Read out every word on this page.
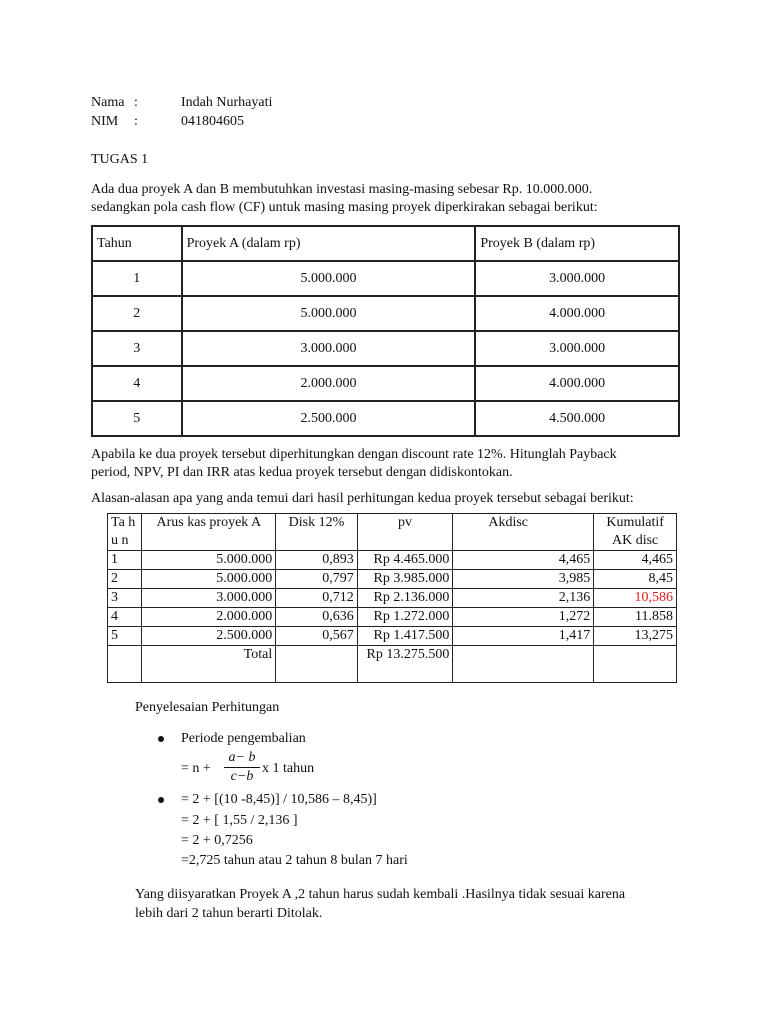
Nama :	Indah Nurhayati
NIM :	041804605
TUGAS 1
Ada dua proyek A dan B membutuhkan investasi masing-masing sebesar Rp. 10.000.000.
sedangkan pola cash flow (CF) untuk masing masing proyek diperkirakan sebagai berikut:
Tahun	Proyek A (dalam rp)	Proyek B (dalam rp)
1	5.000.000	3.000.000
2	5.000.000	4.000.000
3	3.000.000	3.000.000
4	2.000.000	4.000.000
5	2.500.000	4.500.000
Apabila ke dua proyek tersebut diperhitungkan dengan discount rate 12%. Hitunglah Payback
period, NPV, PI dan IRR atas kedua proyek tersebut dengan didiskontokan.
Alasan-alasan apa yang anda temui dari hasil perhitungan kedua proyek tersebut sebagai berikut:
Ta hu n	Arus kas proyek A	Disk 12%	pv	Akdisc	Kumulatif AK disc
1	5.000.000	0,893	Rp 4.465.000	4,465	4,465
2	5.000.000	0,797	Rp 3.985.000	3,985	8,45
3	3.000.000	0,712	Rp 2.136.000	2,136	10,586
4	2.000.000	0,636	Rp 1.272.000	1,272	11.858
5	2.500.000	0,567	Rp 1.417.500	1,417	13,275
	Total		Rp 13.275.500		
Penyelesaian Perhitungan
Periode pengembalian
= n +
a− b
c−b
x 1 tahun
= 2 + [(10 -8,45)] / 10,586 – 8,45)]
= 2 + [ 1,55 / 2,136 ]
= 2 + 0,7256
=2,725 tahun atau 2 tahun 8 bulan 7 hari
Yang diisyaratkan Proyek A ,2 tahun harus sudah kembali .Hasilnya tidak sesuai karena
lebih dari 2 tahun berarti Ditolak.
